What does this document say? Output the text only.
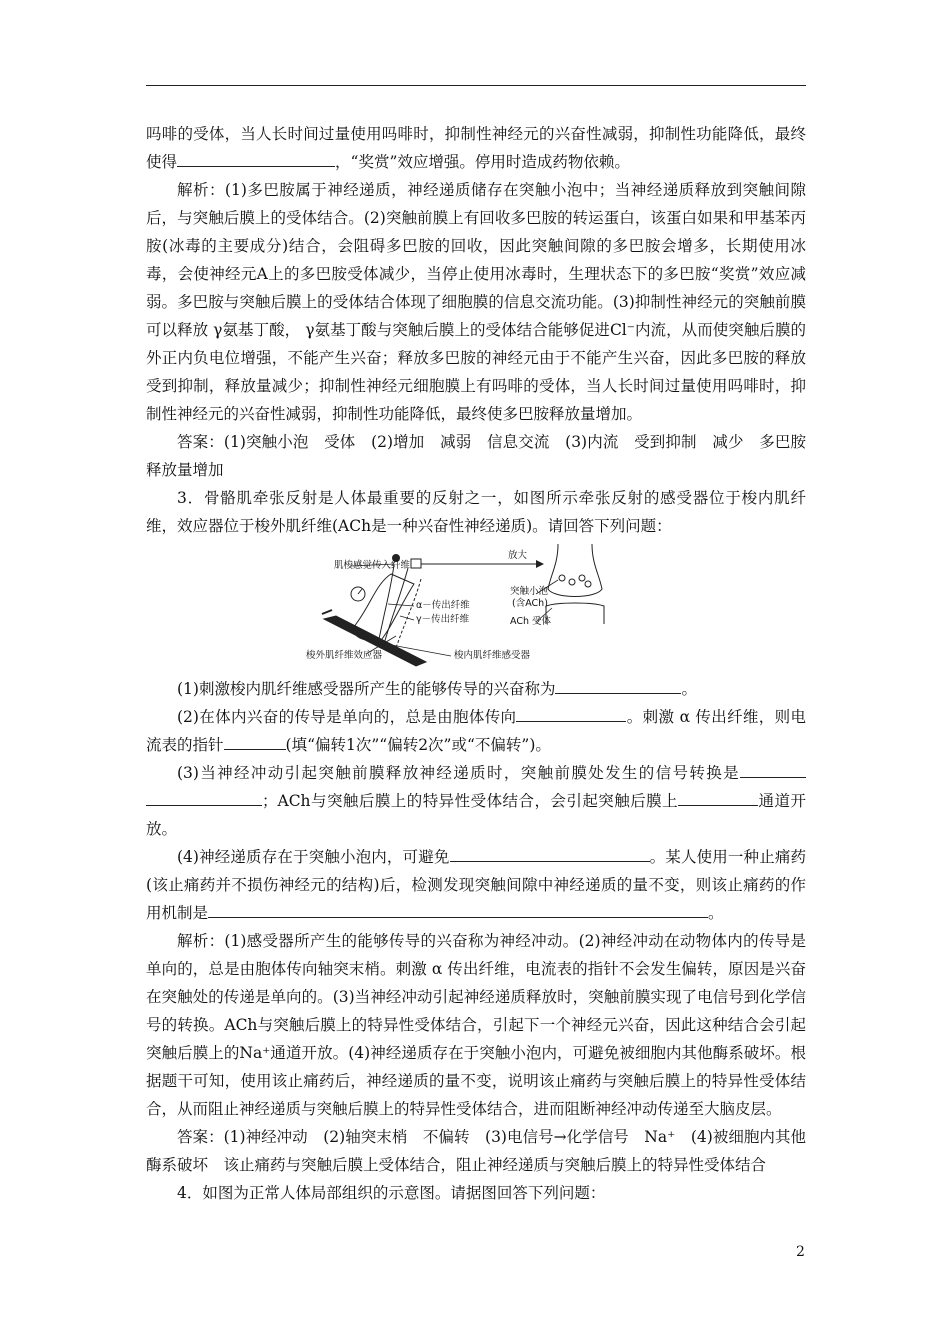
吗啡的受体，当人长时间过量使用吗啡时，抑制性神经元的兴奋性减弱，抑制性功能降低，最终使得	，“奖赏”效应增强。停用时造成药物依赖。

解析：(1)多巴胺属于神经递质，神经递质储存在突触小泡中；当神经递质释放到突触间隙后，与突触后膜上的受体结合。(2)突触前膜上有回收多巴胺的转运蛋白，该蛋白如果和甲基苯丙胺(冰毒的主要成分)结合，会阻碍多巴胺的回收，因此突触间隙的多巴胺会增多，长期使用冰毒，会使神经元A上的多巴胺受体减少，当停止使用冰毒时，生理状态下的多巴胺“奖赏”效应减弱。多巴胺与突触后膜上的受体结合体现了细胞膜的信息交流功能。(3)抑制性神经元的突触前膜可以释放 γ氨基丁酸， γ氨基丁酸与突触后膜上的受体结合能够促进Cl⁻内流，从而使突触后膜的外正内负电位增强，不能产生兴奋；释放多巴胺的神经元由于不能产生兴奋，因此多巴胺的释放受到抑制，释放量减少；抑制性神经元细胞膜上有吗啡的受体，当人长时间过量使用吗啡时，抑制性神经元的兴奋性减弱，抑制性功能降低，最终使多巴胺释放量增加。

答案：(1)突触小泡　受体　(2)增加　减弱　信息交流　(3)内流　受到抑制　减少　多巴胺释放量增加

3．骨骼肌牵张反射是人体最重要的反射之一，如图所示牵张反射的感受器位于梭内肌纤维，效应器位于梭外肌纤维(ACh是一种兴奋性神经递质)。请回答下列问题：

肌梭感觉传入纤维
放大
α－传出纤维
γ－传出纤维
突触小泡
(含ACh)
ACh 受体
梭外肌纤维效应器	梭内肌纤维感受器

(1)刺激梭内肌纤维感受器所产生的能够传导的兴奋称为	。

(2)在体内兴奋的传导是单向的，总是由胞体传向	。刺激 α 传出纤维，则电流表的指针	(填“偏转1次”“偏转2次”或“不偏转”)。

(3)当神经冲动引起突触前膜释放神经递质时，突触前膜处发生的信号转换是；ACh与突触后膜上的特异性受体结合，会引起突触后膜上	通道开放。

(4)神经递质存在于突触小泡内，可避免	。某人使用一种止痛药(该止痛药并不损伤神经元的结构)后，检测发现突触间隙中神经递质的量不变，则该止痛药的作用机制是	。

解析：(1)感受器所产生的能够传导的兴奋称为神经冲动。(2)神经冲动在动物体内的传导是单向的，总是由胞体传向轴突末梢。刺激 α 传出纤维，电流表的指针不会发生偏转，原因是兴奋在突触处的传递是单向的。(3)当神经冲动引起神经递质释放时，突触前膜实现了电信号到化学信号的转换。ACh与突触后膜上的特异性受体结合，引起下一个神经元兴奋，因此这种结合会引起突触后膜上的Na⁺通道开放。(4)神经递质存在于突触小泡内，可避免被细胞内其他酶系破坏。根据题干可知，使用该止痛药后，神经递质的量不变，说明该止痛药与突触后膜上的特异性受体结合，从而阻止神经递质与突触后膜上的特异性受体结合，进而阻断神经冲动传递至大脑皮层。

答案：(1)神经冲动　(2)轴突末梢　不偏转　(3)电信号→化学信号　Na⁺　(4)被细胞内其他酶系破坏　该止痛药与突触后膜上受体结合，阻止神经递质与突触后膜上的特异性受体结合

4．如图为正常人体局部组织的示意图。请据图回答下列问题：

2
